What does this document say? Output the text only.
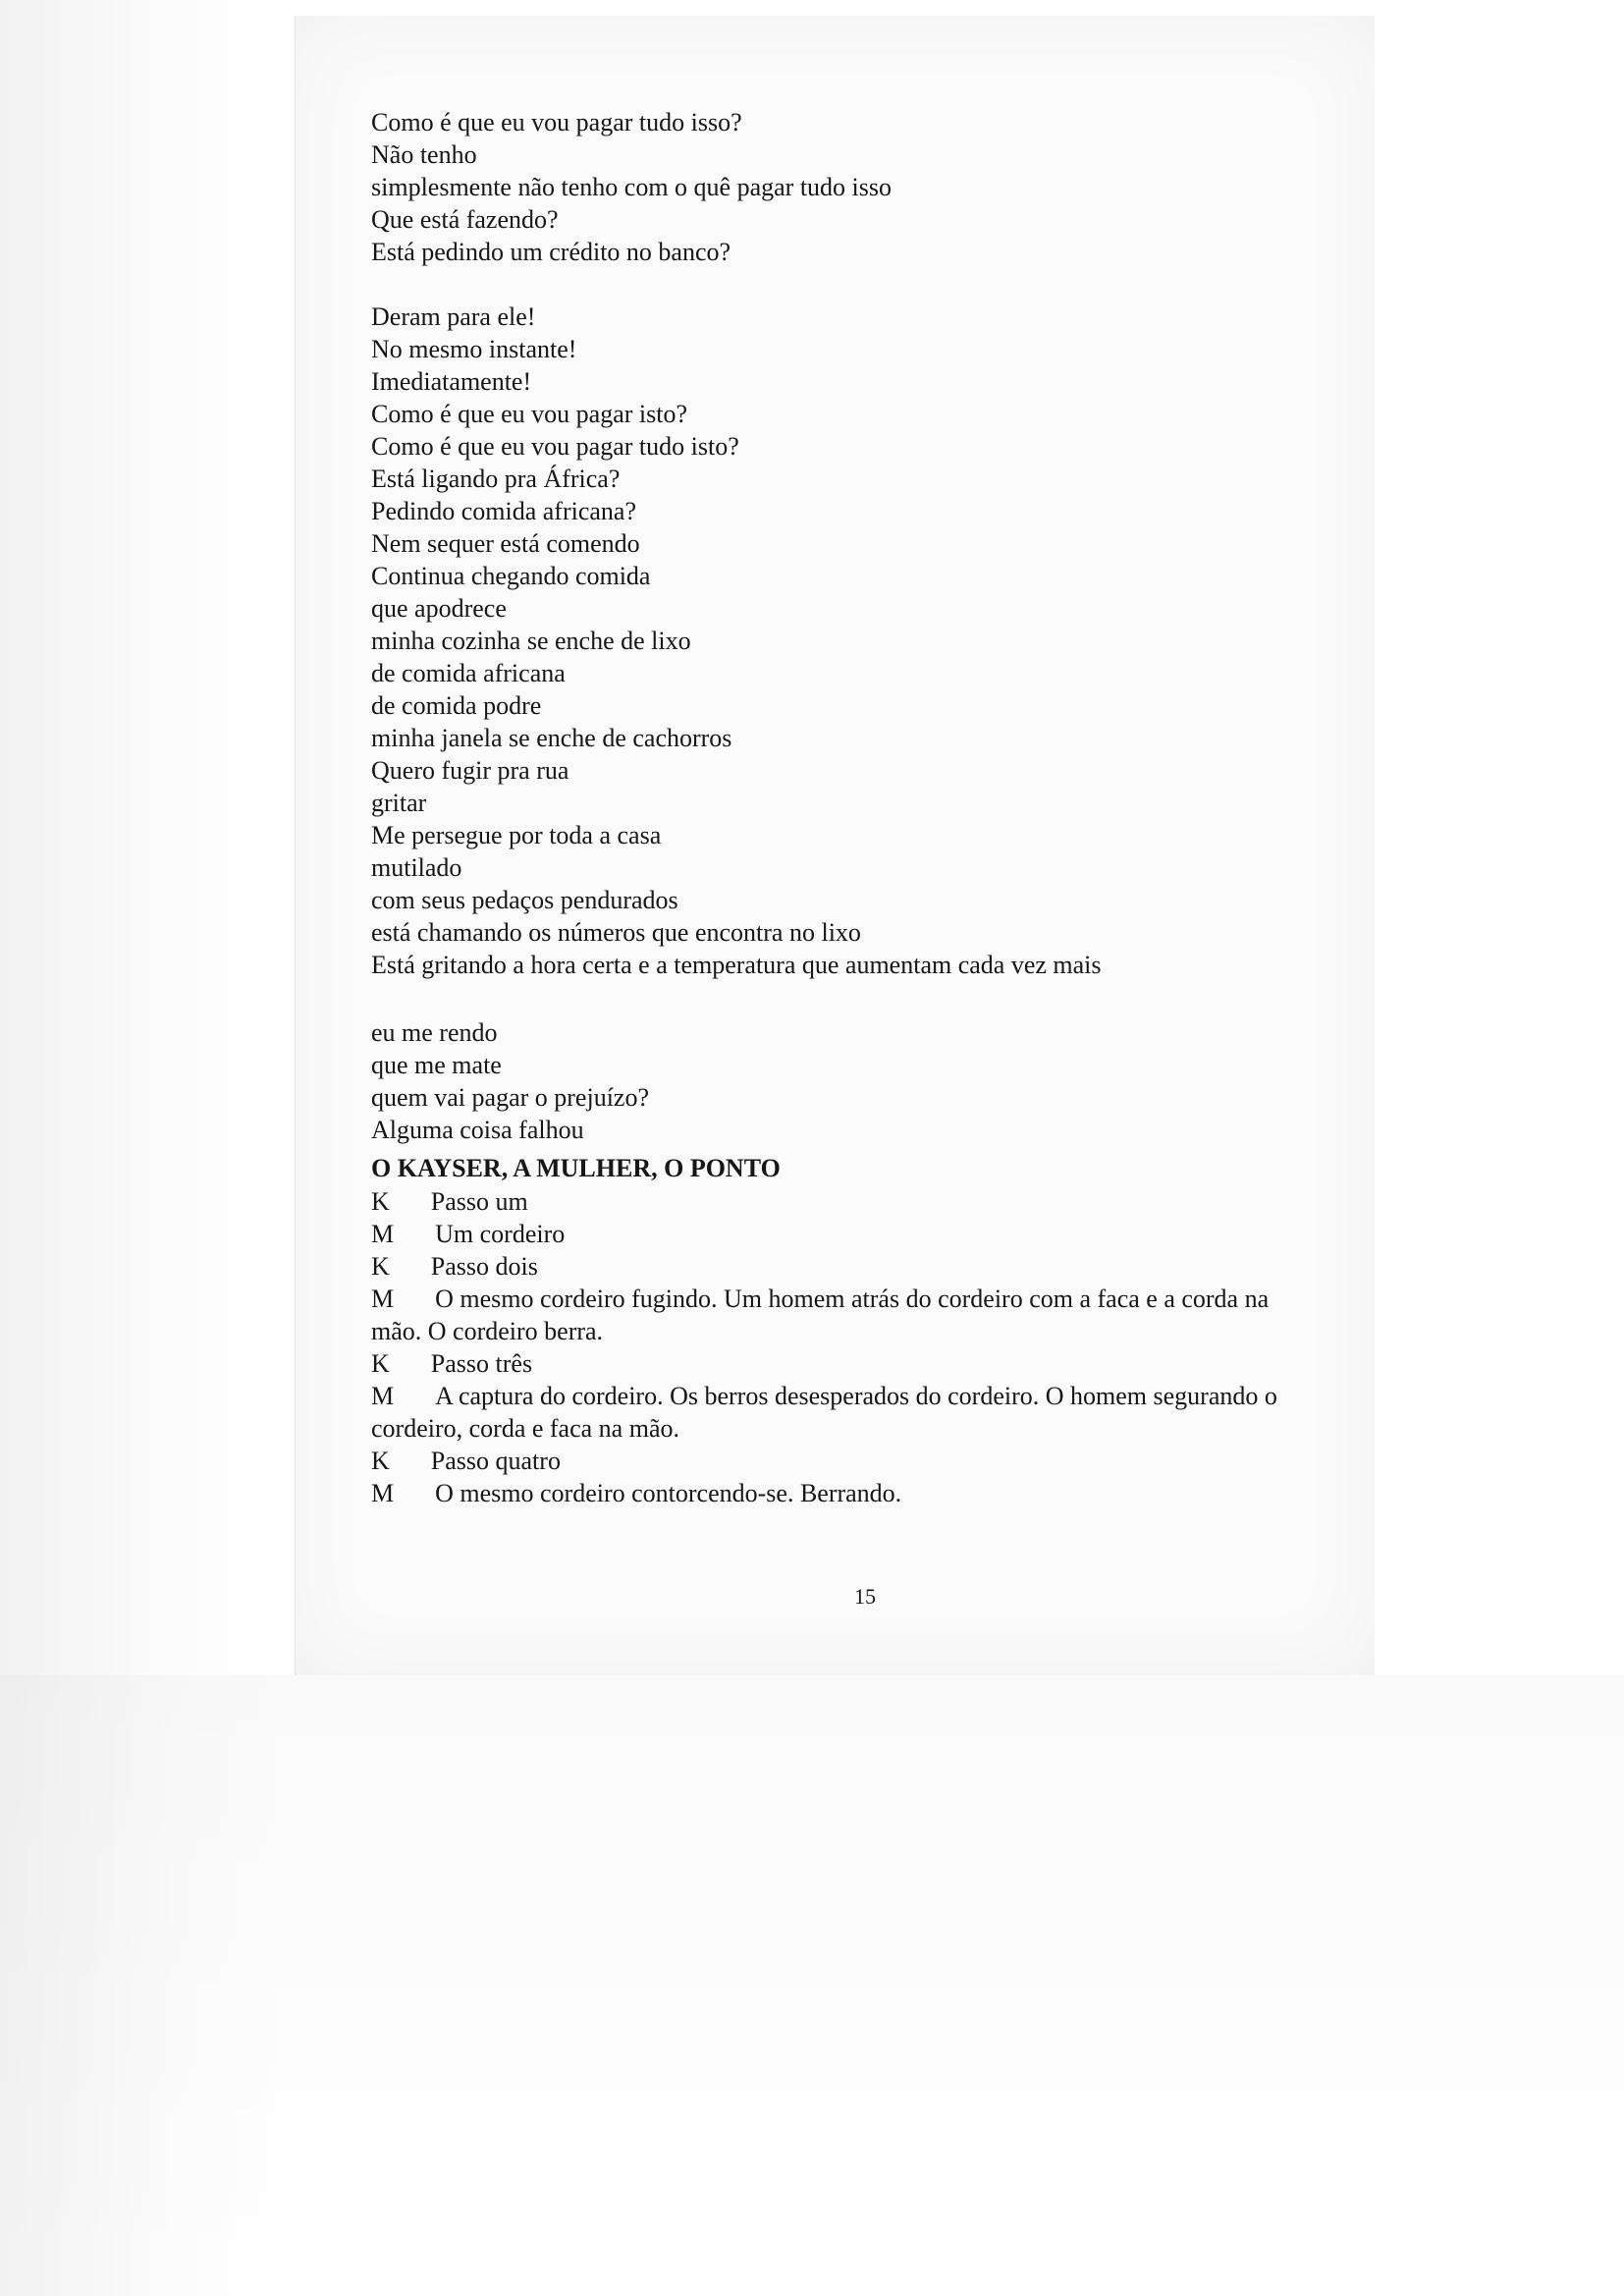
Como é que eu vou pagar tudo isso?
Não tenho
simplesmente não tenho com o quê pagar tudo isso
Que está fazendo?
Está pedindo um crédito no banco?
Deram para ele!
No mesmo instante!
Imediatamente!
Como é que eu vou pagar isto?
Como é que eu vou pagar tudo isto?
Está ligando pra África?
Pedindo comida africana?
Nem sequer está comendo
Continua chegando comida
que apodrece
minha cozinha se enche de lixo
de comida africana
de comida podre
minha janela se enche de cachorros
Quero fugir pra rua
gritar
Me persegue por toda a casa
mutilado
com seus pedaços pendurados
está chamando os números que encontra no lixo
Está gritando a hora certa e a temperatura que aumentam cada vez mais
eu me rendo
que me mate
quem vai pagar o prejuízo?
Alguma coisa falhou
O KAYSER, A MULHER, O PONTO
K Passo um
M Um cordeiro
K Passo dois
M O mesmo cordeiro fugindo. Um homem atrás do cordeiro com a faca e a corda na mão. O cordeiro berra.
K Passo três
M A captura do cordeiro. Os berros desesperados do cordeiro. O homem segurando o cordeiro, corda e faca na mão.
K Passo quatro
M O mesmo cordeiro contorcendo-se. Berrando.
15
